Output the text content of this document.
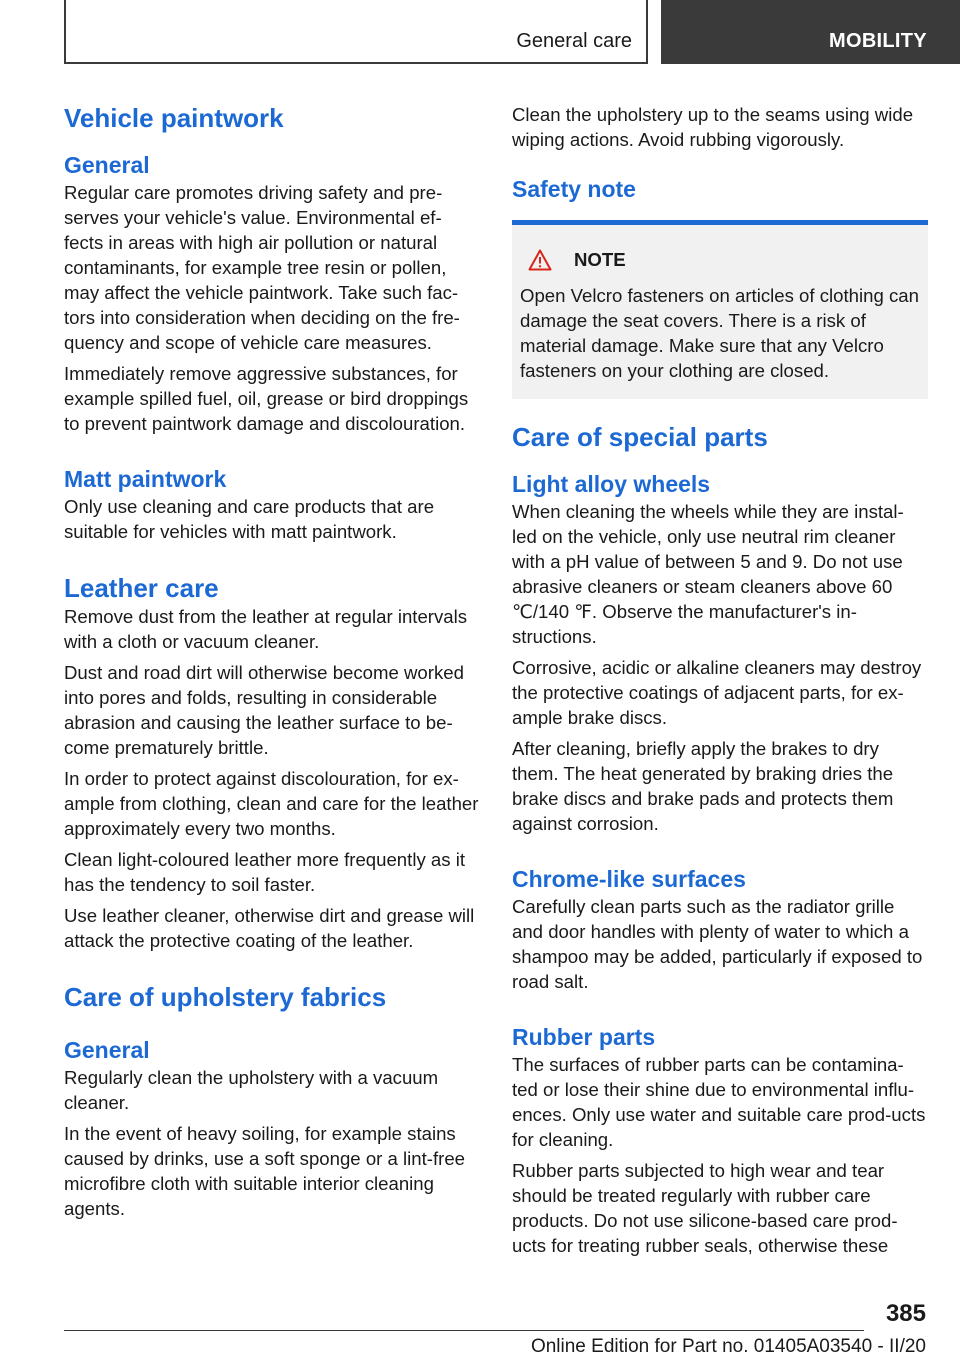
General care	MOBILITY
Vehicle paintwork
General

Regular care promotes driving safety and pre‐serves your vehicle's value. Environmental ef‐fects in areas with high air pollution or natural contaminants, for example tree resin or pollen, may affect the vehicle paintwork. Take such fac‐tors into consideration when deciding on the fre‐quency and scope of vehicle care measures.

Immediately remove aggressive substances, for example spilled fuel, oil, grease or bird droppings to prevent paintwork damage and discolouration.

Matt paintwork

Only use cleaning and care products that are suitable for vehicles with matt paintwork.

Leather care

Remove dust from the leather at regular intervals with a cloth or vacuum cleaner.

Dust and road dirt will otherwise become worked into pores and folds, resulting in considerable abrasion and causing the leather surface to be‐come prematurely brittle.

In order to protect against discolouration, for ex‐ample from clothing, clean and care for the leather approximately every two months.

Clean light-coloured leather more frequently as it has the tendency to soil faster.

Use leather cleaner, otherwise dirt and grease will attack the protective coating of the leather.

Care of upholstery fabrics
General

Regularly clean the upholstery with a vacuum cleaner.

In the event of heavy soiling, for example stains caused by drinks, use a soft sponge or a lint-free microfibre cloth with suitable interior cleaning agents.

Clean the upholstery up to the seams using wide wiping actions. Avoid rubbing vigorously.

Safety note
NOTE

Open Velcro fasteners on articles of clothing can damage the seat covers. There is a risk of material damage. Make sure that any Velcro fasteners on your clothing are closed.

Care of special parts
Light alloy wheels

When cleaning the wheels while they are instal‐led on the vehicle, only use neutral rim cleaner with a pH value of between 5 and 9. Do not use abrasive cleaners or steam cleaners above 60 ℃/140 ℉. Observe the manufacturer's in‐structions.

Corrosive, acidic or alkaline cleaners may destroy the protective coatings of adjacent parts, for ex‐ample brake discs.

After cleaning, briefly apply the brakes to dry them. The heat generated by braking dries the brake discs and brake pads and protects them against corrosion.

Chrome-like surfaces

Carefully clean parts such as the radiator grille and door handles with plenty of water to which a shampoo may be added, particularly if exposed to road salt.

Rubber parts

The surfaces of rubber parts can be contamina‐ted or lose their shine due to environmental influ‐ences. Only use water and suitable care prod‐ucts for cleaning.

Rubber parts subjected to high wear and tear should be treated regularly with rubber care products. Do not use silicone-based care prod‐ucts for treating rubber seals, otherwise these

385
Online Edition for Part no. 01405A03540 - II/20
